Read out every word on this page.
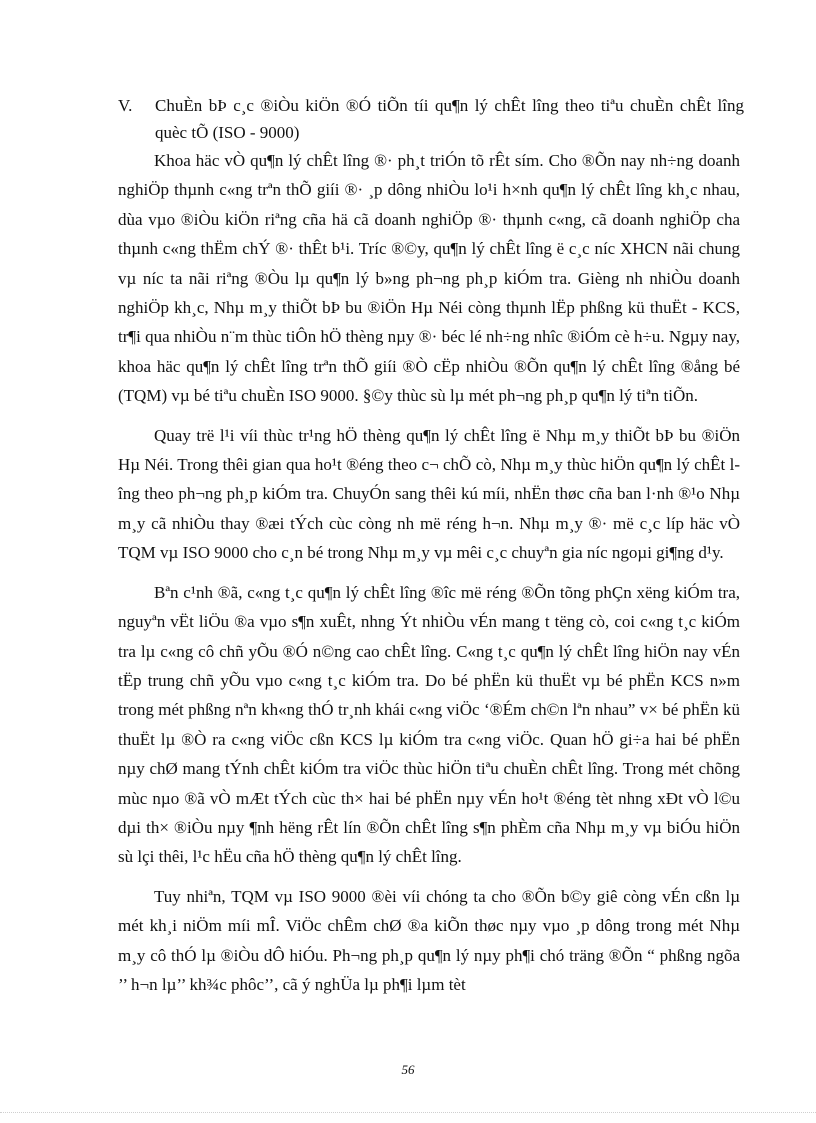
V.	ChuÈn bÞ c¸c ®iÒu kiÖn ®Ó tiÕn tíi qu¶n lý chÊt lîng theo tiªu chuÈn chÊt lîng quèc tÕ (ISO - 9000)

Khoa häc vÒ qu¶n lý chÊt lîng ®· ph¸t triÓn tõ rÊt sím. Cho ®Õn nay nh÷ng doanh nghiÖp thµnh c«ng trªn thÕ giíi ®· ¸p dông nhiÒu lo¹i h×nh qu¶n lý chÊt lîng kh¸c nhau, dùa vµo ®iÒu kiÖn riªng cña hä cã doanh nghiÖp ®· thµnh c«ng, cã doanh nghiÖp cha thµnh c«ng thËm chÝ ®· thÊt b¹i. Tríc ®©y, qu¶n lý chÊt lîng ë c¸c níc XHCN nãi chung vµ níc ta nãi riªng ®Òu lµ qu¶n lý b»ng ph¬ng ph¸p kiÓm tra. Gièng nh nhiÒu doanh nghiÖp kh¸c, Nhµ m¸y thiÕt bÞ bu ®iÖn Hµ Néi còng thµnh lËp phßng kü thuËt - KCS, tr¶i qua nhiÒu n¨m thùc tiÔn hÖ thèng nµy ®· béc lé nh÷ng nhîc ®iÓm cè h÷u. Ngµy nay, khoa häc qu¶n lý chÊt lîng trªn thÕ giíi ®Ò cËp nhiÒu ®Õn qu¶n lý chÊt lîng ®ång bé (TQM) vµ bé tiªu chuÈn ISO 9000. §©y thùc sù lµ mét ph¬ng ph¸p qu¶n lý tiªn tiÕn.

Quay trë l¹i víi thùc tr¹ng hÖ thèng qu¶n lý chÊt lîng ë Nhµ m¸y thiÕt bÞ bu ®iÖn Hµ Néi. Trong thêi gian qua ho¹t ®éng theo c¬ chÕ cò, Nhµ m¸y thùc hiÖn qu¶n lý chÊt lîng theo ph¬ng ph¸p kiÓm tra. ChuyÓn sang thêi kú míi, nhËn thøc cña ban l·nh ®¹o Nhµ m¸y cã nhiÒu thay ®æi tÝch cùc còng nh më réng h¬n. Nhµ m¸y ®· më c¸c líp häc vÒ TQM vµ ISO 9000 cho c¸n bé trong Nhµ m¸y vµ mêi c¸c chuyªn gia níc ngoµi gi¶ng d¹y.

Bªn c¹nh ®ã, c«ng t¸c qu¶n lý chÊt lîng ®îc më réng ®Õn tõng phÇn xëng kiÓm tra, nguyªn vËt liÖu ®a vµo s¶n xuÊt, nhng Ýt nhiÒu vÉn mang t tëng cò, coi c«ng t¸c kiÓm tra lµ c«ng cô chñ yÕu ®Ó n©ng cao chÊt lîng. C«ng t¸c qu¶n lý chÊt lîng hiÖn nay vÉn tËp trung chñ yÕu vµo c«ng t¸c kiÓm tra. Do bé phËn kü thuËt vµ bé phËn KCS n»m trong mét phßng nªn kh«ng thÓ tr¸nh khái c«ng viÖc ‘®Ém ch©n lªn nhau” v× bé phËn kü thuËt lµ ®Ò ra c«ng viÖc cßn KCS lµ kiÓm tra c«ng viÖc. Quan hÖ gi÷a hai bé phËn nµy chØ mang tÝnh chÊt kiÓm tra viÖc thùc hiÖn tiªu chuÈn chÊt lîng. Trong mét chõng mùc nµo ®ã vÒ mÆt tÝch cùc th× hai bé phËn nµy vÉn ho¹t ®éng tèt nhng xÐt vÒ l©u dµi th× ®iÒu nµy ¶nh hëng rÊt lín ®Õn chÊt lîng s¶n phÈm cña Nhµ m¸y vµ biÓu hiÖn sù lçi thêi, l¹c hËu cña hÖ thèng qu¶n lý chÊt lîng.

Tuy nhiªn, TQM vµ ISO 9000 ®èi víi chóng ta cho ®Õn b©y giê còng vÉn cßn lµ mét kh¸i niÖm míi mÎ. ViÖc chÊm chØ ®a kiÕn thøc nµy vµo ¸p dông trong mét Nhµ m¸y cô thÓ lµ ®iÒu dÔ hiÓu. Ph¬ng ph¸p qu¶n lý nµy ph¶i chó träng ®Õn “ phßng ngõa ’’ h¬n lµ’’ kh¾c phôc’’, cã ý nghÜa lµ ph¶i lµm tèt

56
